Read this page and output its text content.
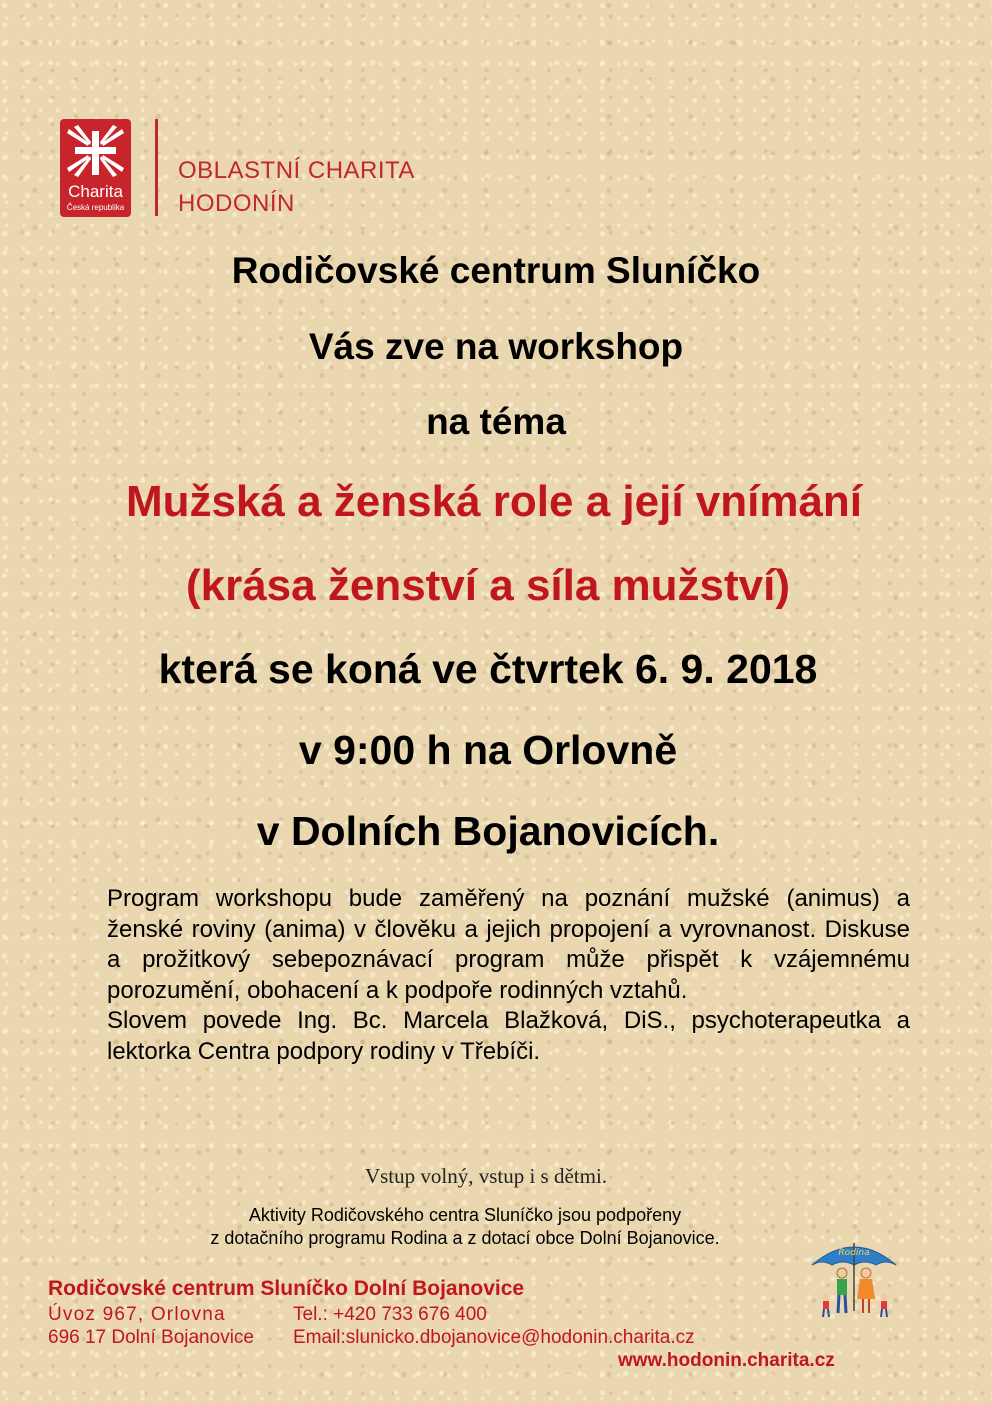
Charita
Česká republika
OBLASTNÍ CHARITA
HODONÍN
Rodičovské centrum Sluníčko
Vás zve na workshop
na téma
Mužská a ženská role a její vnímání
(krása ženství a síla mužství)
která se koná ve čtvrtek 6. 9. 2018
v 9:00 h na Orlovně
v Dolních Bojanovicích.

Program workshopu bude zaměřený na poznání mužské (animus) a ženské roviny (anima) v člověku a jejich propojení a vyrovnanost. Diskuse a prožitkový sebepoznávací program může přispět k vzájemnému porozumění, obohacení a k podpoře rodinných vztahů.

Slovem povede Ing. Bc. Marcela Blažková, DiS., psychoterapeutka a lektorka Centra podpory rodiny v Třebíči.

Vstup volný, vstup i s dětmi.
Aktivity Rodičovského centra Sluníčko jsou podpořeny
z dotačního programu Rodina a z dotací obce Dolní Bojanovice.
Rodičovské centrum Sluníčko Dolní Bojanovice
Úvoz 967, Orlovna
696 17 Dolní Bojanovice
Tel.: +420 733 676 400
Email:slunicko.dbojanovice@hodonin.charita.cz
www.hodonin.charita.cz
Rodina
